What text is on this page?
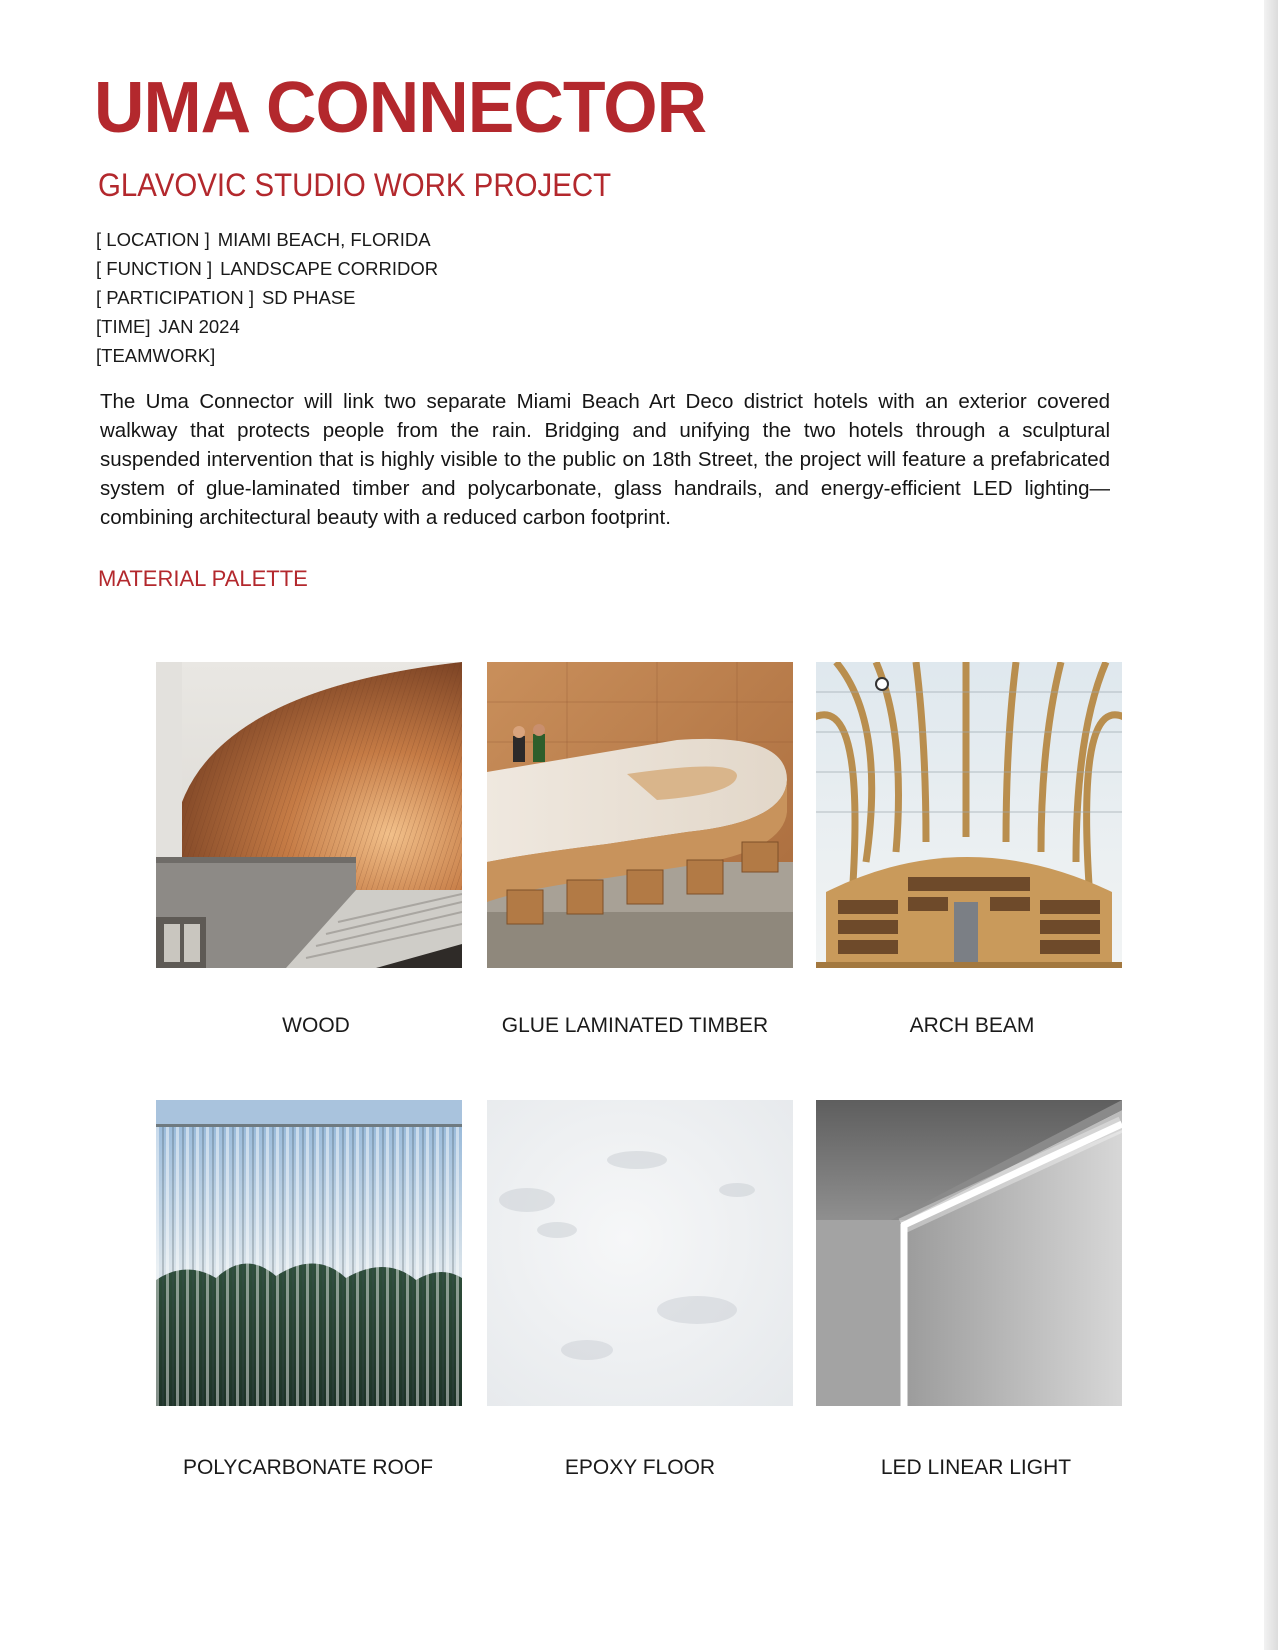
UMA CONNECTOR
GLAVOVIC STUDIO WORK PROJECT
[ LOCATION ] MIAMI BEACH, FLORIDA
[ FUNCTION ] LANDSCAPE CORRIDOR
[ PARTICIPATION ] SD PHASE
[TIME] JAN 2024
[TEAMWORK]
The Uma Connector will link two separate Miami Beach Art Deco district hotels with an exterior covered walkway that protects people from the rain. Bridging and unifying the two hotels through a sculptural suspended intervention that is highly visible to the public on 18th Street, the project will feature a prefabricated system of glue-laminated timber and polycarbonate, glass handrails, and energy-efficient LED lighting—combining architectural beauty with a reduced carbon footprint.
MATERIAL PALETTE
WOOD	GLUE LAMINATED TIMBER	ARCH BEAM
POLYCARBONATE ROOF	EPOXY FLOOR	LED LINEAR LIGHT
